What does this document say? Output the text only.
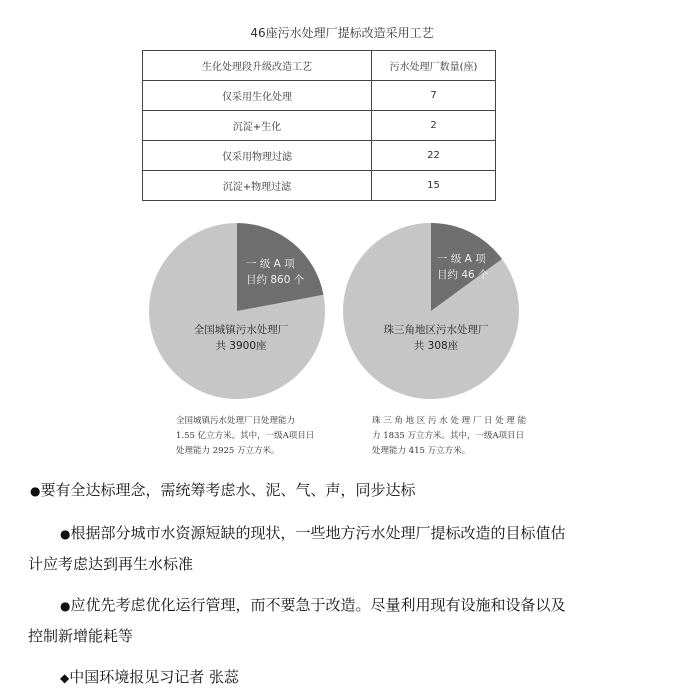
46座污水处理厂提标改造采用工艺
生化处理段升级改造工艺	污水处理厂数量(座)
仅采用生化处理	7
沉淀+生化	2
仅采用物理过滤	22
沉淀+物理过滤	15
一 级 A 项
目约 860 个
全国城镇污水处理厂
共 3900座
一 级 A 项
目约 46 个
珠三角地区污水处理厂
共 308座
全国城镇污水处理厂日处理能力
1.55 亿立方米。其中，一级A项目日
处理能力 2925 万立方米。
珠 三 角 地 区 污 水 处 理 厂 日 处 理 能
力 1835 万立方米。其中，一级A项目日
处理能力 415 万立方米。
●要有全达标理念，需统筹考虑水、泥、气、声，同步达标
●根据部分城市水资源短缺的现状，一些地方污水处理厂提标改造的目标值估
计应考虑达到再生水标准
●应优先考虑优化运行管理，而不要急于改造。尽量利用现有设施和设备以及
控制新增能耗等
◆中国环境报见习记者 张蕊
